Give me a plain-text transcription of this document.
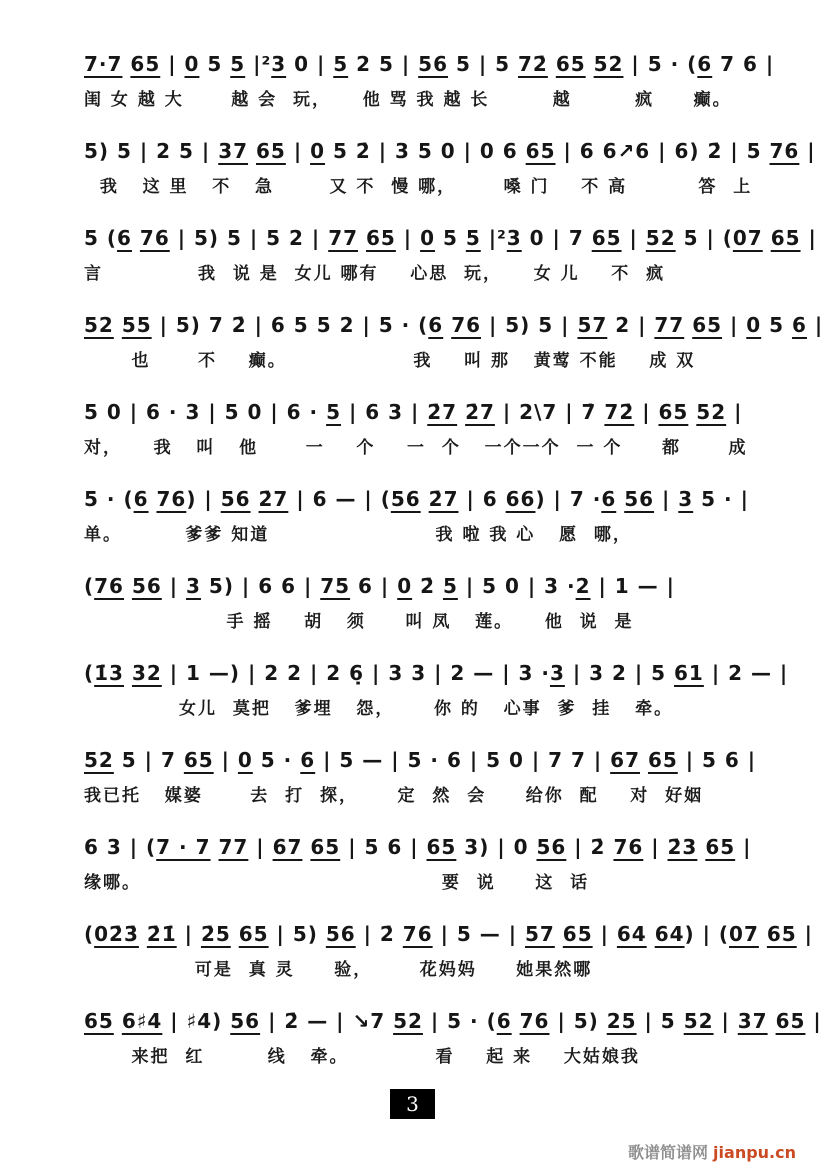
7·7 65 | 0 5 5 |²3 0 | 5 2 5 | 56 5 | 5 72̇ 65 52 | 5 · (6 7 6 |
闺 女 越 大      越 会  玩，    他 骂 我 越 长        越        疯     癫。
5) 5 | 2 5 | 37 65 | 0 5 2̇ | 3 5 0 | 0 6 65 | 6 6↗6 | 6) 2̇ | 5 76 |
我   这 里   不   急       又 不  慢 哪，      嗓 门    不 高         答  上
5 (6 76 | 5) 5 | 5 2 | 77 65 | 0 5 5 |²3 0 | 7 65 | 52 5 | (07 65 |
言            我  说 是  女儿 哪有    心思  玩，    女 儿    不  疯
52 55 | 5) 7 2̇ | 6 5 5 2 | 5 · (6 76 | 5) 5 | 57 2 | 77 65 | 0 5 6 |
也      不    癫。                我    叫 那   黄莺 不能    成 双
5 0 | 6 · 3 | 5 0 | 6 · 5 | 6 3 | 2̇7 2̇7 | 2\7 | 7̇ 72̇ | 65 52 |
对，    我   叫   他      一    个    一  个   一个一个  一 个     都      成
5 · (6 76) | 56 2̇7 | 6 — | (56 2̇7 | 6 66) | 7 ·6 56 | 3 5 · |
单。        爹爹 知道                     我 啦 我 心   愿  哪，
(76 56 | 3 5) | 6 6 | 75 6 | 0 2̇ 5 | 5 0 | 3 ·2 | 1 — |
手 摇    胡   须     叫 凤   莲。    他  说  是
(1̇3 32 | 1 —) | 2 2 | 2 6̣ | 3 3 | 2 — | 3 ·3 | 3 2 | 5 61 | 2 — |
女儿  莫把   爹埋   怨，     你 的   心事  爹  挂   牵。
52 5 | 7 65 | 0 5 · 6 | 5 — | 5 · 6 | 5 0 | 7 7 | 67 65 | 5 6 |
我已托   媒婆      去  打  探，     定  然  会     给你  配    对  好姻
6 3 | (7 · 7 77 | 67 65 | 5 6 | 65 3) | 0 56 | 2̇ 76 | 2̇3 65 |
缘哪。                                      要  说     这  话
(02̇3̇ 2̇1̇ | 2̇5 65 | 5) 56 | 2̇ 76 | 5 — | 57 65 | 64 64) | (07 65 |
可是  真 灵     验，      花妈妈     她果然哪
65 6♯4 | ♯4) 56 | 2̇ — | ↘7 52 | 5 · (6 76 | 5) 25 | 5 52 | 37 65 |
来把  红        线   牵。           看    起 来    大姑娘我
3
歌谱简谱网 jianpu.cn
